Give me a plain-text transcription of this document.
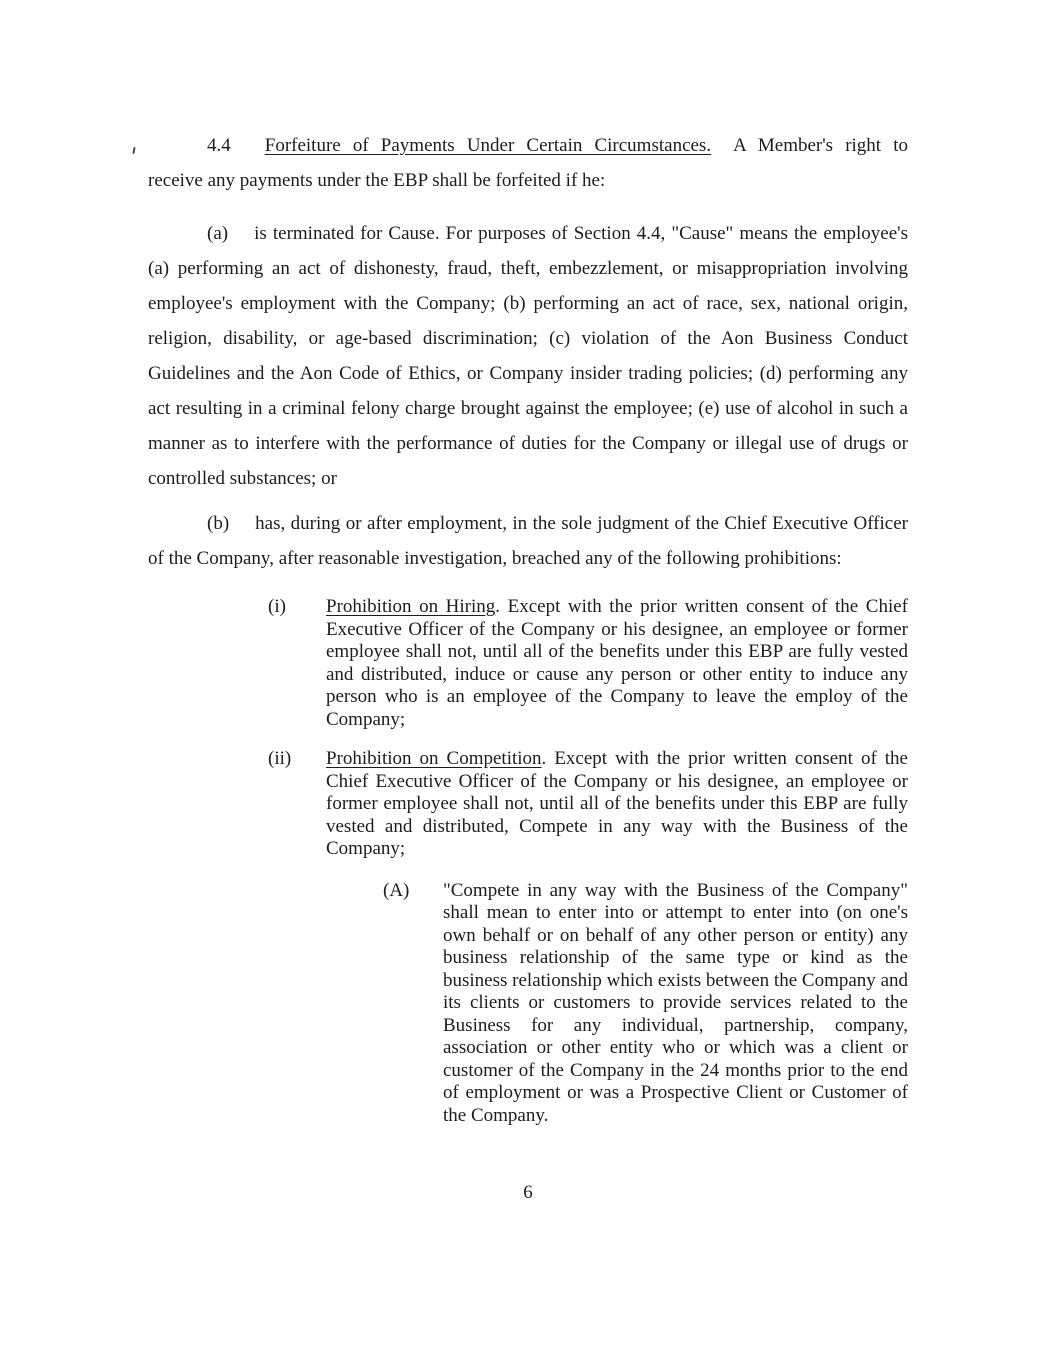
4.4 Forfeiture of Payments Under Certain Circumstances. A Member's right to receive any payments under the EBP shall be forfeited if he:

(a) is terminated for Cause. For purposes of Section 4.4, "Cause" means the employee's (a) performing an act of dishonesty, fraud, theft, embezzlement, or misappropriation involving employee's employment with the Company; (b) performing an act of race, sex, national origin, religion, disability, or age-based discrimination; (c) violation of the Aon Business Conduct Guidelines and the Aon Code of Ethics, or Company insider trading policies; (d) performing any act resulting in a criminal felony charge brought against the employee; (e) use of alcohol in such a manner as to interfere with the performance of duties for the Company or illegal use of drugs or controlled substances; or

(b) has, during or after employment, in the sole judgment of the Chief Executive Officer of the Company, after reasonable investigation, breached any of the following prohibitions:

(i)	Prohibition on Hiring. Except with the prior written consent of the Chief Executive Officer of the Company or his designee, an employee or former employee shall not, until all of the benefits under this EBP are fully vested and distributed, induce or cause any person or other entity to induce any person who is an employee of the Company to leave the employ of the Company;
(ii)	Prohibition on Competition. Except with the prior written consent of the Chief Executive Officer of the Company or his designee, an employee or former employee shall not, until all of the benefits under this EBP are fully vested and distributed, Compete in any way with the Business of the Company;
(A)	"Compete in any way with the Business of the Company" shall mean to enter into or attempt to enter into (on one's own behalf or on behalf of any other person or entity) any business relationship of the same type or kind as the business relationship which exists between the Company and its clients or customers to provide services related to the Business for any individual, partnership, company, association or other entity who or which was a client or customer of the Company in the 24 months prior to the end of employment or was a Prospective Client or Customer of the Company.
6
